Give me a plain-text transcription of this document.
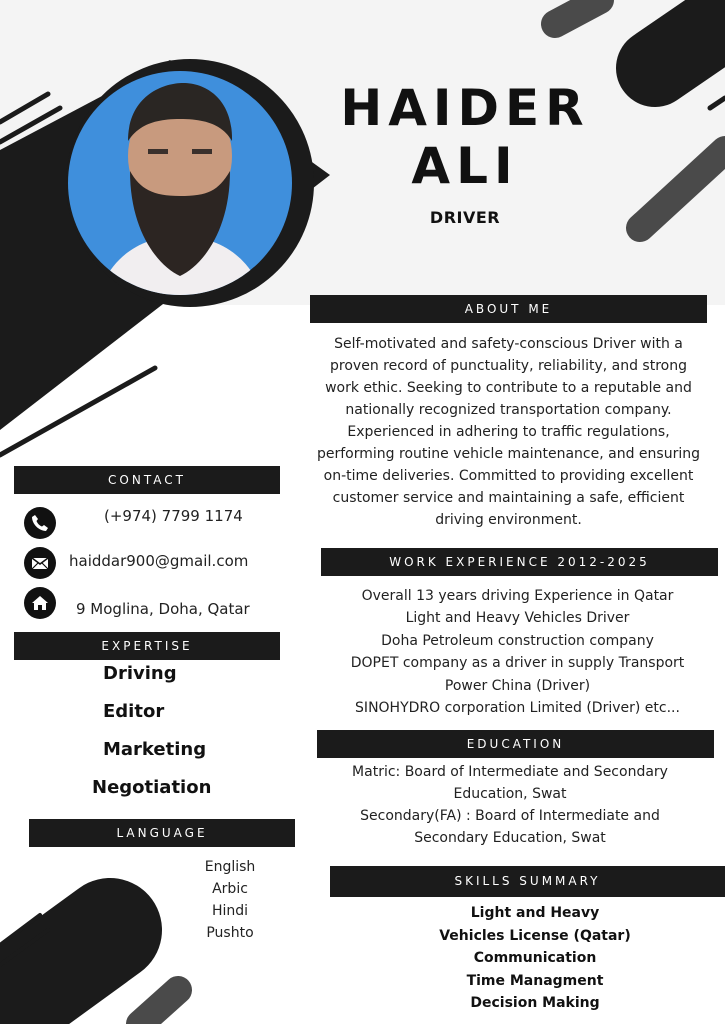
HAIDER
ALI
DRIVER
ABOUT ME
Self-motivated and safety-conscious Driver with a
proven record of punctuality, reliability, and strong
work ethic. Seeking to contribute to a reputable and
nationally recognized transportation company.
Experienced in adhering to traffic regulations,
performing routine vehicle maintenance, and ensuring
on-time deliveries. Committed to providing excellent
customer service and maintaining a safe, efficient
driving environment.
CONTACT
(+974) 7799 1174
haiddar900@gmail.com
9 Moglina, Doha, Qatar
EXPERTISE
Driving
Editor
Marketing
Negotiation
LANGUAGE
English
Arbic
Hindi
Pushto
WORK EXPERIENCE 2012-2025
Overall 13 years driving Experience in Qatar
Light and Heavy Vehicles Driver
Doha Petroleum construction company
DOPET company as a driver in supply Transport
Power China (Driver)
SINOHYDRO corporation Limited (Driver) etc...
EDUCATION
Matric: Board of Intermediate and Secondary
Education, Swat
Secondary(FA) : Board of Intermediate and
Secondary Education, Swat
SKILLS SUMMARY
Light and Heavy
Vehicles License (Qatar)
Communication
Time Managment
Decision Making
